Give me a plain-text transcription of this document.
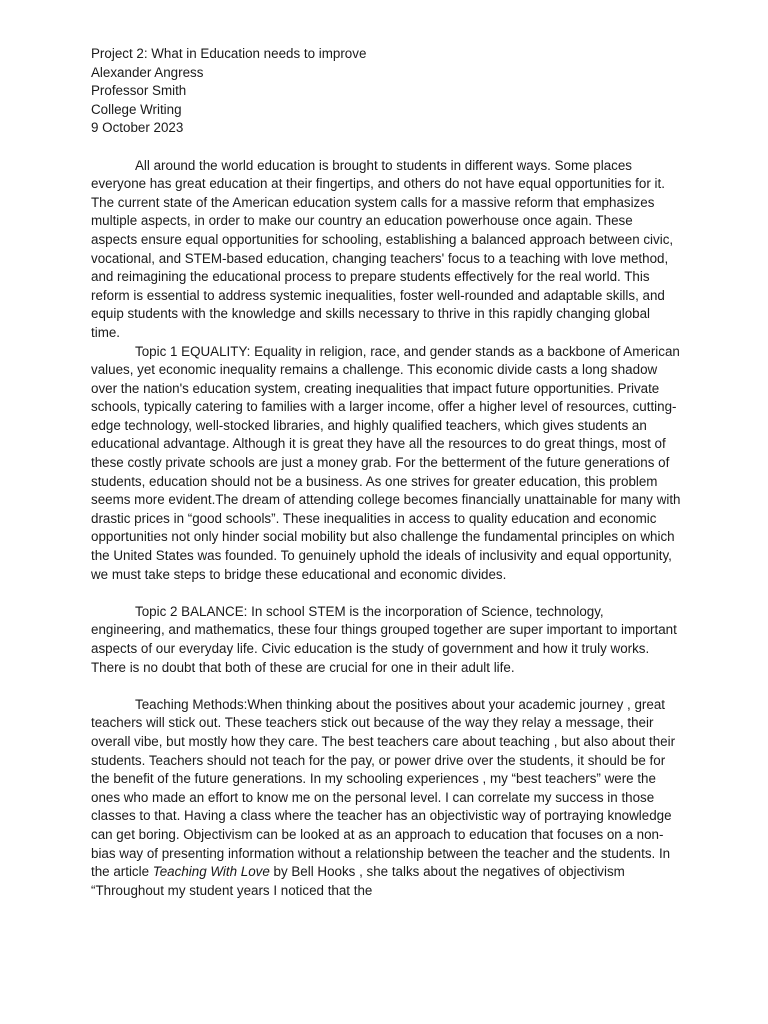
Project 2: What in Education needs to improve
Alexander Angress
Professor Smith
College Writing
9 October 2023

All around the world education is brought to students in different ways. Some places everyone has great education at their fingertips, and others do not have equal opportunities for it. The current state of the American education system calls for a massive reform that emphasizes multiple aspects, in order to make our country an education powerhouse once again. These aspects ensure equal opportunities for schooling, establishing a balanced approach between civic, vocational, and STEM-based education, changing teachers' focus to a teaching with love method, and reimagining the educational process to prepare students effectively for the real world. This reform is essential to address systemic inequalities, foster well-rounded and adaptable skills, and equip students with the knowledge and skills necessary to thrive in this rapidly changing global time.

Topic 1 EQUALITY: Equality in religion, race, and gender stands as a backbone of American values, yet economic inequality remains a challenge. This economic divide casts a long shadow over the nation's education system, creating inequalities that impact future opportunities. Private schools, typically catering to families with a larger income, offer a higher level of resources, cutting-edge technology, well-stocked libraries, and highly qualified teachers, which gives students an educational advantage. Although it is great they have all the resources to do great things, most of these costly private schools are just a money grab. For the betterment of the future generations of students, education should not be a business. As one strives for greater education, this problem seems more evident.The dream of attending college becomes financially unattainable for many with drastic prices in “good schools”. These inequalities in access to quality education and economic opportunities not only hinder social mobility but also challenge the fundamental principles on which the United States was founded. To genuinely uphold the ideals of inclusivity and equal opportunity, we must take steps to bridge these educational and economic divides.

Topic 2 BALANCE: In school STEM is the incorporation of Science, technology, engineering, and mathematics, these four things grouped together are super important to important aspects of our everyday life. Civic education is the study of government and how it truly works. There is no doubt that both of these are crucial for one in their adult life.

Teaching Methods:When thinking about the positives about your academic journey , great teachers will stick out. These teachers stick out because of the way they relay a message, their overall vibe, but mostly how they care. The best teachers care about teaching , but also about their students. Teachers should not teach for the pay, or power drive over the students, it should be for the benefit of the future generations. In my schooling experiences , my “best teachers” were the ones who made an effort to know me on the personal level. I can correlate my success in those classes to that. Having a class where the teacher has an objectivistic way of portraying knowledge can get boring. Objectivism can be looked at as an approach to education that focuses on a non-bias way of presenting information without a relationship between the teacher and the students. In the article Teaching With Love by Bell Hooks , she talks about the negatives of objectivism “Throughout my student years I noticed that the
